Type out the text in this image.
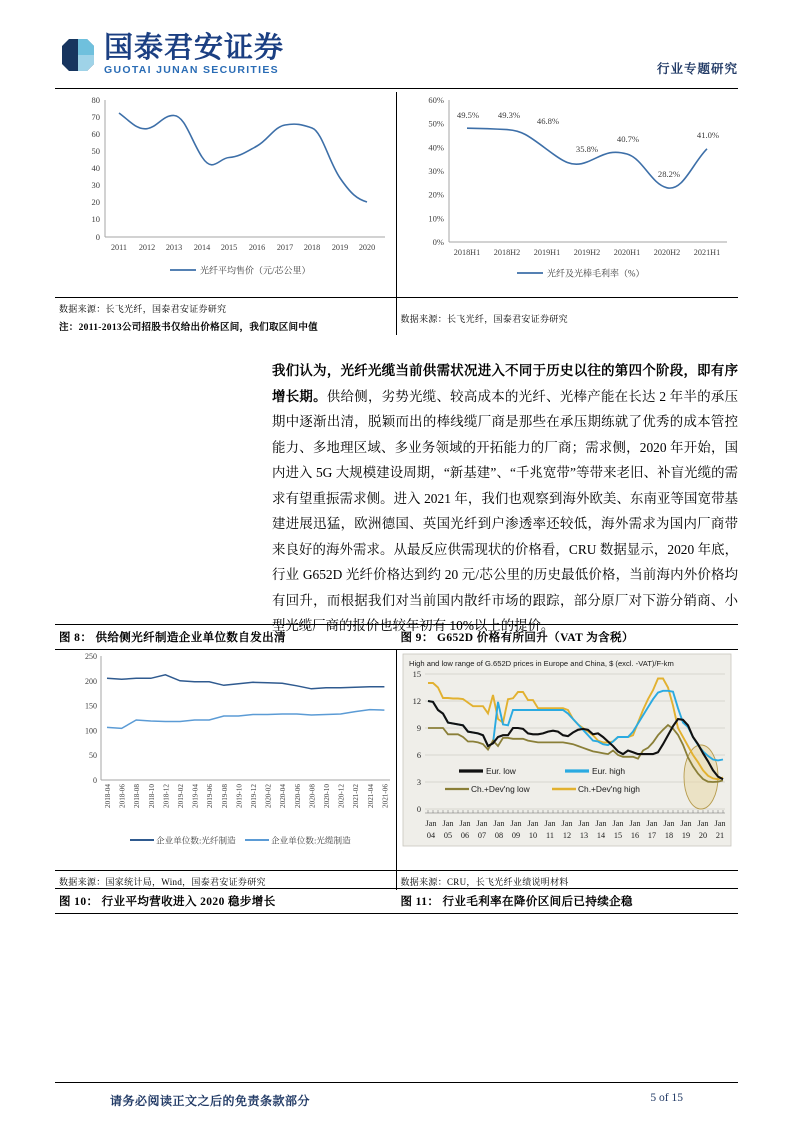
国泰君安证券
GUOTAI JUNAN SECURITIES	行业专题研究
80
70
60
50
40
30
20
10
0
2011 2012 2013 2014 2015 2016 2017 2018 2019 2020
光纤平均售价（元/芯公里）
60%
50%
40%
30%
20%
10%
0%
49.5% 49.3%
46.8%
35.8%
40.7%
28.2%
41.0%
2018H1 2018H2 2019H1 2019H2 2020H1 2020H2 2021H1
光纤及光棒毛利率（%）
数据来源：长飞光纤，国泰君安证券研究
注：2011-2013公司招股书仅给出价格区间，我们取区间中值
数据来源：长飞光纤，国泰君安证券研究
我们认为，光纤光缆当前供需状况进入不同于历史以往的第四个阶段，即有序增长期。供给侧，劣势光缆、较高成本的光纤、光棒产能在长达 2 年半的承压期中逐渐出清，脱颖而出的棒线缆厂商是那些在承压期练就了优秀的成本管控能力、多地理区域、多业务领域的开拓能力的厂商；需求侧，2020 年开始，国内进入 5G 大规模建设周期，“新基建”、“千兆宽带”等带来老旧、补盲光缆的需求有望重振需求侧。进入 2021 年，我们也观察到海外欧美、东南亚等国宽带基建进展迅猛，欧洲德国、英国光纤到户渗透率还较低，海外需求为国内厂商带来良好的海外需求。从最反应供需现状的价格看，CRU 数据显示，2020 年底，行业 G652D 光纤价格达到约 20 元/芯公里的历史最低价格，当前海内外价格均有回升，而根据我们对当前国内散纤市场的跟踪，部分原厂对下游分销商、小型光缆厂商的报价也较年初有 10%以上的提价。
图 8： 供给侧光纤制造企业单位数自发出清	图 9： G652D 价格有所回升（VAT 为含税）
250
200
150
100
50
0
2018-04 2018-06 2018-08 2018-10 2018-12 2019-02 2019-04 2019-06 2019-08 2019-10 2019-12 2020-02 2020-04 2020-06 2020-08 2020-10 2020-12 2021-02 2021-04 2021-06
企业单位数:光纤制造	企业单位数:光缆制造
High and low range of G.652D prices in Europe and China, $ (excl. -VAT)/F-km
15
12
9
6
3
0
Eur. low	Eur. high
Ch.+Dev'ng low	Ch.+Dev'ng high
Jan
04
Jan
05
Jan
06
Jan
07
Jan
08
Jan
09
Jan
10
Jan
11
Jan
12
Jan
13
Jan
14
Jan
15
Jan
16
Jan
17
Jan
18
Jan
19
Jan
20
Jan
21
数据来源：国家统计局，Wind，国泰君安证券研究	数据来源：CRU，长飞光纤业绩说明材料
图 10： 行业平均营收进入 2020 稳步增长	图 11： 行业毛利率在降价区间后已持续企稳
请务必阅读正文之后的免责条款部分	5 of 15
